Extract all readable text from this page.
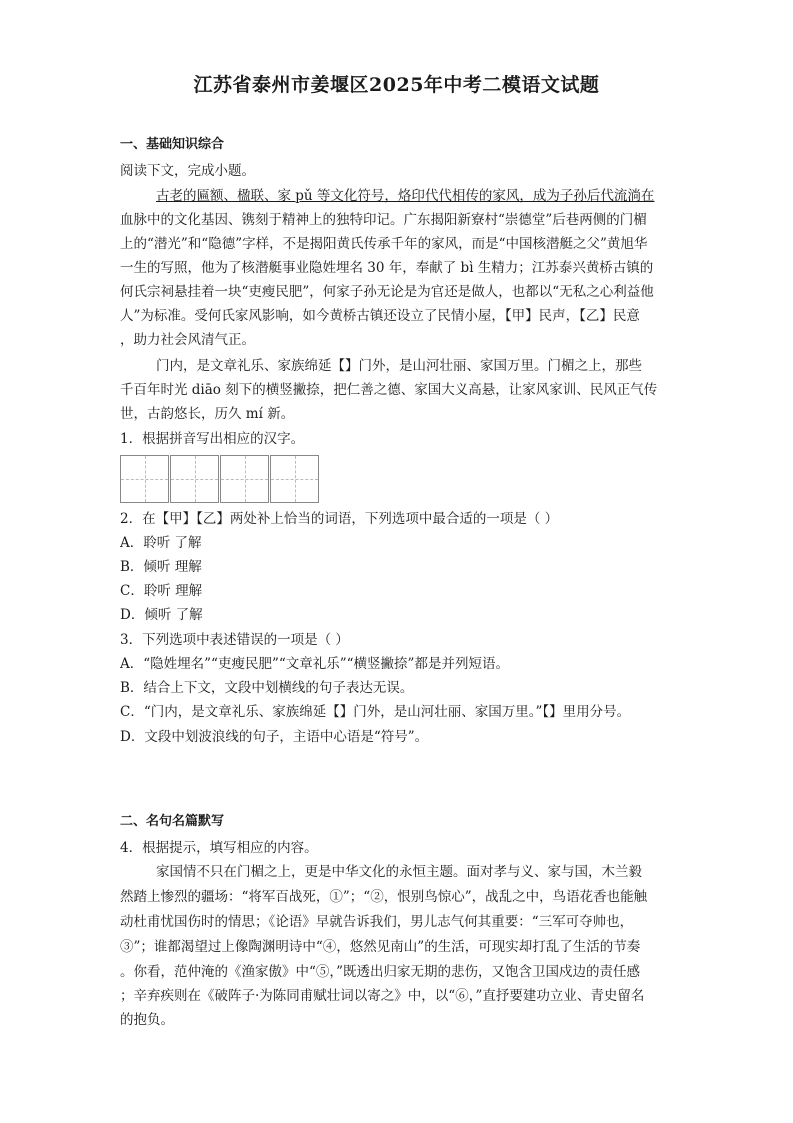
江苏省泰州市姜堰区2025年中考二模语文试题
一、基础知识综合
阅读下文，完成小题。
古老的匾额、楹联、家 pǔ 等文化符号，烙印代代相传的家风，成为子孙后代流淌在
血脉中的文化基因、镌刻于精神上的独特印记。广东揭阳新寮村“崇德堂”后巷两侧的门楣
上的“潜光”和“隐德”字样，不是揭阳黄氏传承千年的家风，而是“中国核潜艇之父”黄旭华
一生的写照，他为了核潜艇事业隐姓埋名 30 年，奉献了 bì 生精力；江苏泰兴黄桥古镇的
何氏宗祠悬挂着一块“吏瘦民肥”，何家子孙无论是为官还是做人，也都以“无私之心利益他
人”为标准。受何氏家风影响，如今黄桥古镇还设立了民情小屋，【甲】民声，【乙】民意
，助力社会风清气正。
门内，是文章礼乐、家族绵延【】门外，是山河壮丽、家国万里。门楣之上，那些
千百年时光 diāo 刻下的横竖撇捺，把仁善之德、家国大义高悬，让家风家训、民风正气传
世，古韵悠长，历久 mí 新。
1．根据拼音写出相应的汉字。
2．在【甲】【乙】两处补上恰当的词语，下列选项中最合适的一项是（ ）
A．聆听 了解
B．倾听 理解
C．聆听 理解
D．倾听 了解
3．下列选项中表述错误的一项是（ ）
A．“隐姓埋名”“吏瘦民肥”“文章礼乐”“横竖撇捺”都是并列短语。
B．结合上下文，文段中划横线的句子表达无误。
C．“门内，是文章礼乐、家族绵延【】门外，是山河壮丽、家国万里。”【】里用分号。
D．文段中划波浪线的句子，主语中心语是“符号”。
二、名句名篇默写
4．根据提示，填写相应的内容。
家国情不只在门楣之上，更是中华文化的永恒主题。面对孝与义、家与国，木兰毅
然踏上惨烈的疆场：“将军百战死，①”；“②，恨别鸟惊心”，战乱之中，鸟语花香也能触
动杜甫忧国伤时的情思；《论语》早就告诉我们，男儿志气何其重要：“三军可夺帅也，
③”；谁都渴望过上像陶渊明诗中“④，悠然见南山”的生活，可现实却打乱了生活的节奏
。你看，范仲淹的《渔家傲》中“⑤，”既透出归家无期的悲伤，又饱含卫国戍边的责任感
；辛弃疾则在《破阵子·为陈同甫赋壮词以寄之》中，以“⑥，”直抒要建功立业、青史留名
的抱负。
